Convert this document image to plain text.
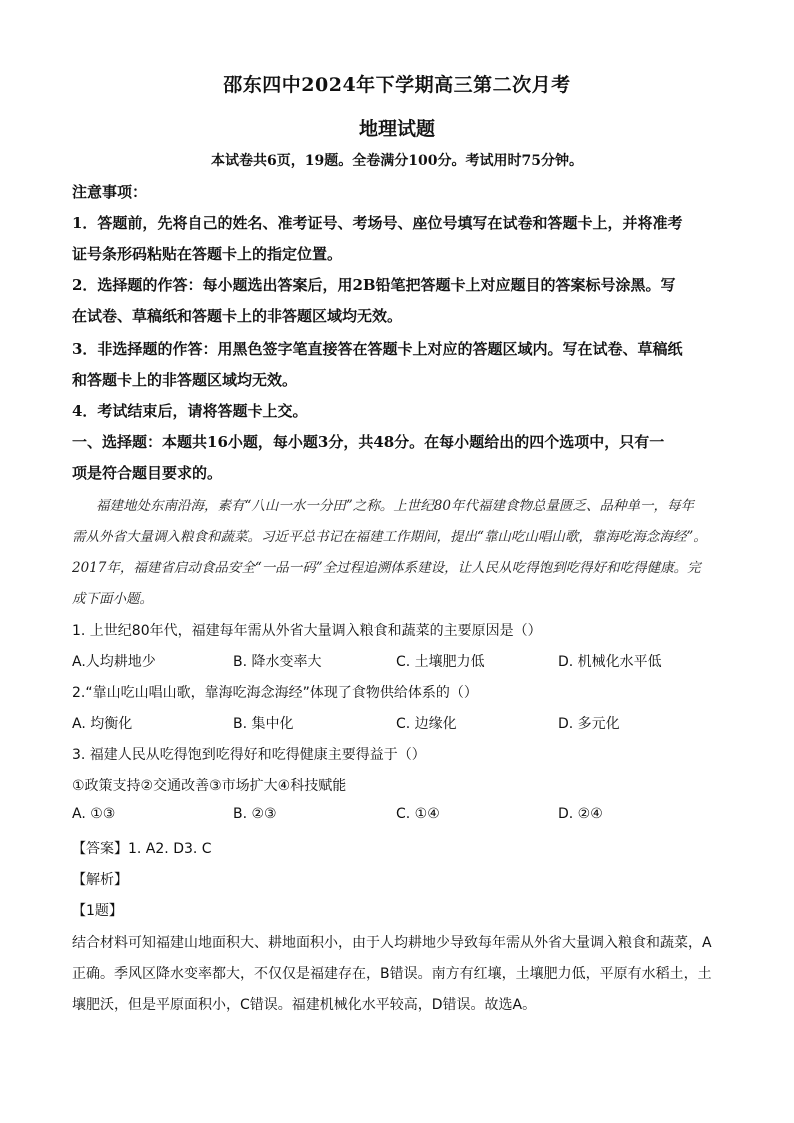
邵东四中2024年下学期高三第二次月考
地理试题
本试卷共6页，19题。全卷满分100分。考试用时75分钟。
注意事项：
1．答题前，先将自己的姓名、准考证号、考场号、座位号填写在试卷和答题卡上，并将准考
证号条形码粘贴在答题卡上的指定位置。
2．选择题的作答：每小题选出答案后，用2B铅笔把答题卡上对应题目的答案标号涂黑。写
在试卷、草稿纸和答题卡上的非答题区域均无效。
3．非选择题的作答：用黑色签字笔直接答在答题卡上对应的答题区域内。写在试卷、草稿纸
和答题卡上的非答题区域均无效。
4．考试结束后，请将答题卡上交。
一、选择题：本题共16小题，每小题3分，共48分。在每小题给出的四个选项中，只有一
项是符合题目要求的。
福建地处东南沿海，素有“八山一水一分田”之称。上世纪80年代福建食物总量匮乏、品种单一，每年
需从外省大量调入粮食和蔬菜。习近平总书记在福建工作期间，提出“靠山吃山唱山歌，靠海吃海念海经”。
2017年，福建省启动食品安全“一品一码”全过程追溯体系建设，让人民从吃得饱到吃得好和吃得健康。完
成下面小题。
1. 上世纪80年代，福建每年需从外省大量调入粮食和蔬菜的主要原因是（）
A.人均耕地少	B. 降水变率大	C. 土壤肥力低	D. 机械化水平低
2.“靠山吃山唱山歌，靠海吃海念海经”体现了食物供给体系的（）
A. 均衡化	B. 集中化	C. 边缘化	D. 多元化
3. 福建人民从吃得饱到吃得好和吃得健康主要得益于（）
①政策支持②交通改善③市场扩大④科技赋能
A. ①③	B. ②③	C. ①④	D. ②④
【答案】1. A2. D3. C
【解析】
【1题】
结合材料可知福建山地面积大、耕地面积小，由于人均耕地少导致每年需从外省大量调入粮食和蔬菜，A
正确。季风区降水变率都大，不仅仅是福建存在，B错误。南方有红壤，土壤肥力低，平原有水稻土，土
壤肥沃，但是平原面积小，C错误。福建机械化水平较高，D错误。故选A。
